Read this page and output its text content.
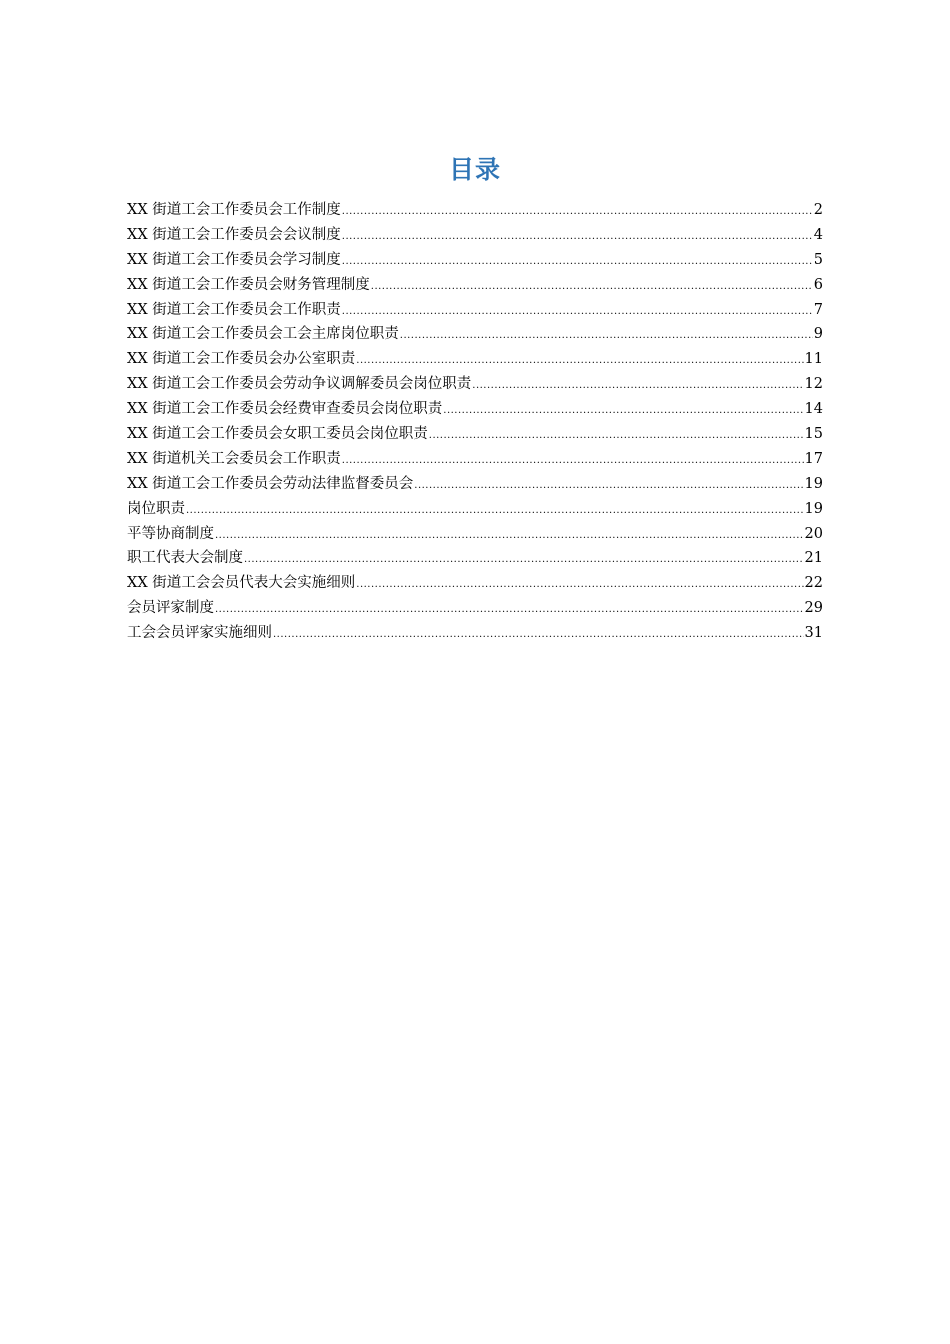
目录
XX 街道工会工作委员会工作制度 .....	2
XX 街道工会工作委员会会议制度 .....	4
XX 街道工会工作委员会学习制度 .....	5
XX 街道工会工作委员会财务管理制度 .....	6
XX 街道工会工作委员会工作职责 .....	7
XX 街道工会工作委员会工会主席岗位职责 .....	9
XX 街道工会工作委员会办公室职责 .....	11
XX 街道工会工作委员会劳动争议调解委员会岗位职责 .....	12
XX 街道工会工作委员会经费审查委员会岗位职责 .....	14
XX 街道工会工作委员会女职工委员会岗位职责 .....	15
XX 街道机关工会委员会工作职责 .....	17
XX 街道工会工作委员会劳动法律监督委员会 .....	19
岗位职责 .....	19
平等协商制度 .....	20
职工代表大会制度 .....	21
XX 街道工会会员代表大会实施细则 .....	22
会员评家制度 .....	29
工会会员评家实施细则 .....	31
